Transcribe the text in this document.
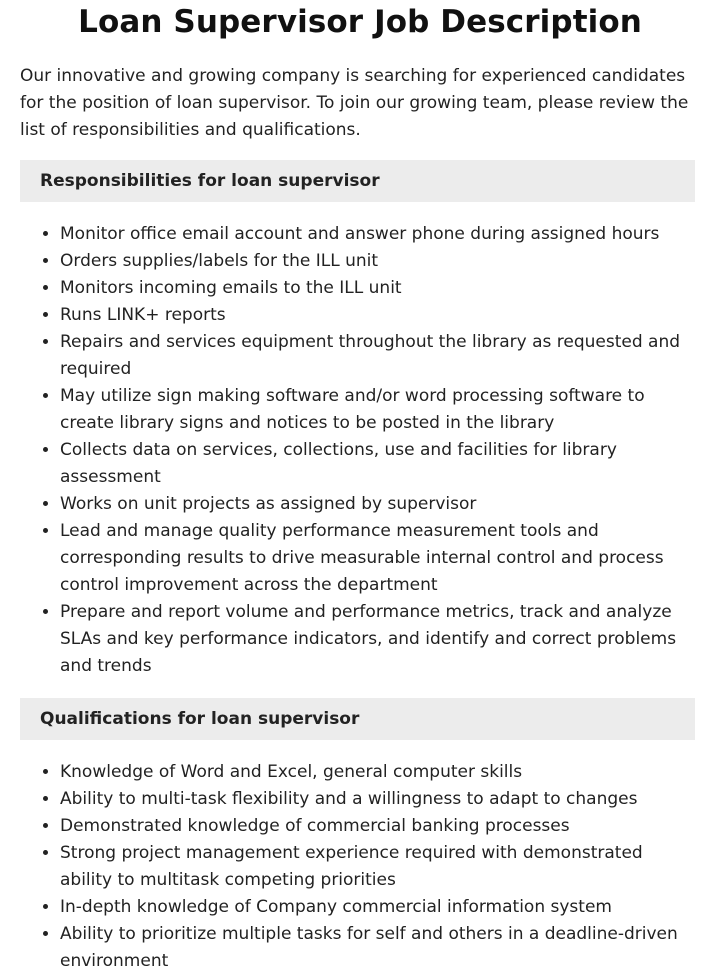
Loan Supervisor Job Description

Our innovative and growing company is searching for experienced candidates for the position of loan supervisor. To join our growing team, please review the list of responsibilities and qualifications.

Responsibilities for loan supervisor
• Monitor office email account and answer phone during assigned hours
• Orders supplies/labels for the ILL unit
• Monitors incoming emails to the ILL unit
• Runs LINK+ reports
• Repairs and services equipment throughout the library as requested and required
• May utilize sign making software and/or word processing software to create library signs and notices to be posted in the library
• Collects data on services, collections, use and facilities for library assessment
• Works on unit projects as assigned by supervisor
• Lead and manage quality performance measurement tools and corresponding results to drive measurable internal control and process control improvement across the department
• Prepare and report volume and performance metrics, track and analyze SLAs and key performance indicators, and identify and correct problems and trends
Qualifications for loan supervisor
• Knowledge of Word and Excel, general computer skills
• Ability to multi-task flexibility and a willingness to adapt to changes
• Demonstrated knowledge of commercial banking processes
• Strong project management experience required with demonstrated ability to multitask competing priorities
• In-depth knowledge of Company commercial information system
• Ability to prioritize multiple tasks for self and others in a deadline-driven environment
